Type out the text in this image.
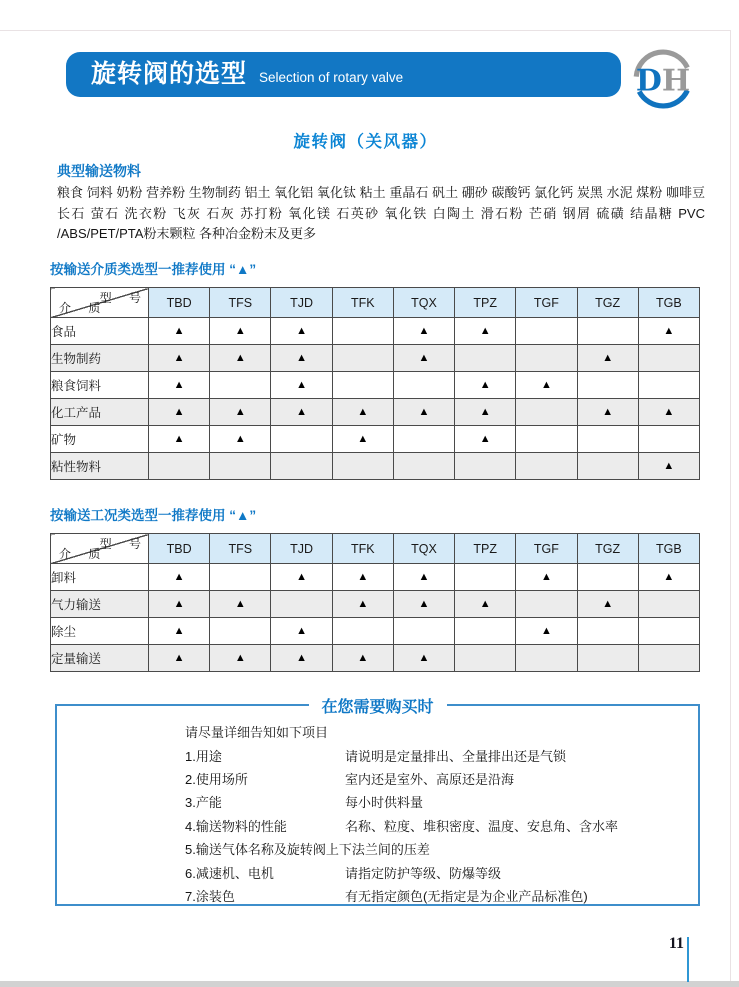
旋转阀的选型 Selection of rotary valve	DH
旋转阀（关风器）
典型输送物料
粮食 饲料 奶粉 营养粉 生物制药 铝土 氧化铝 氧化钛 粘土 重晶石 矾土 硼砂 碳酸钙 氯化钙 炭黑 水泥 煤粉 咖啡豆 长石 萤石 洗衣粉 飞灰 石灰 苏打粉 氧化镁 石英砂 氧化铁 白陶土 滑石粉 芒硝 钢屑 硫磺 结晶糖 PVC /ABS/PET/PTA粉末颗粒 各种冶金粉末及更多
按输送介质类选型一推荐使用 “▲”
型 号
介 质	TBD	TFS	TJD	TFK	TQX	TPZ	TGF	TGZ	TGB
食品	▲	▲	▲		▲	▲			▲
生物制药	▲	▲	▲		▲			▲	
粮食饲料	▲		▲			▲	▲		
化工产品	▲	▲	▲	▲	▲	▲		▲	▲
矿物	▲	▲		▲		▲			
粘性物料									▲
按输送工况类选型一推荐使用 “▲”
型 号
介 质	TBD	TFS	TJD	TFK	TQX	TPZ	TGF	TGZ	TGB
卸料	▲		▲	▲	▲		▲		▲
气力输送	▲	▲		▲	▲	▲		▲	
除尘	▲		▲				▲		
定量输送	▲	▲	▲	▲	▲				
在您需要购买时
请尽量详细告知如下项目
1.用途	请说明是定量排出、全量排出还是气锁
2.使用场所	室内还是室外、高原还是沿海
3.产能	每小时供料量
4.输送物料的性能	名称、粒度、堆积密度、温度、安息角、含水率
5.输送气体名称及旋转阀上下法兰间的压差
6.减速机、电机	请指定防护等级、防爆等级
7.涂装色	有无指定颜色(无指定是为企业产品标准色)
11
